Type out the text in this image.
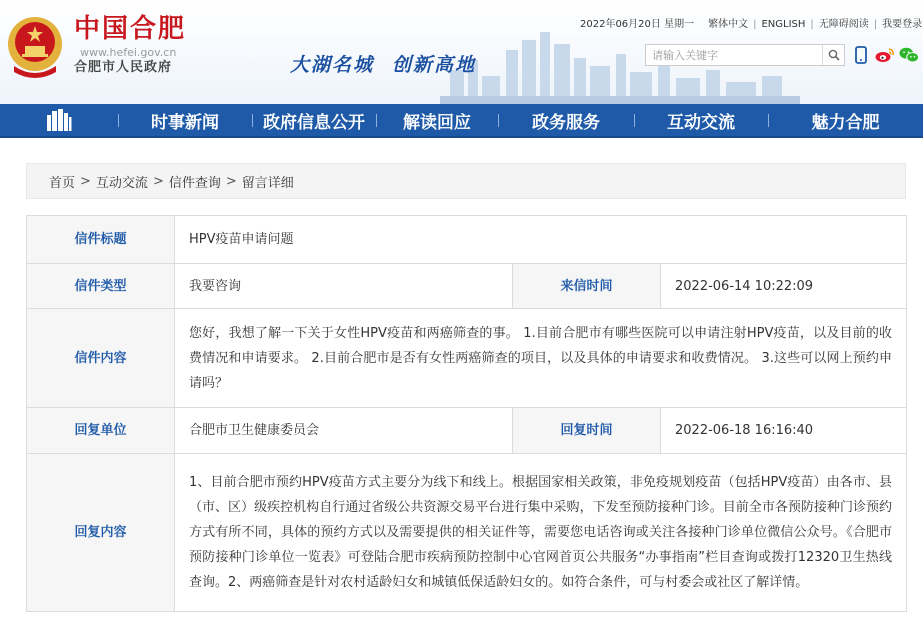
中国合肥
www.hefei.gov.cn
合肥市人民政府	大湖名城 创新高地
2022年06月20日 星期一 繁体中文 | ENGLISH | 无障碍阅读 | 我要登录
请输入关键字
时事新闻	政府信息公开	解读回应	政务服务	互动交流	魅力合肥
首页 > 互动交流 > 信件查询 > 留言详细
信件标题	HPV疫苗申请问题		
信件类型	我要咨询	来信时间	2022-06-14 10:22:09
信件内容	您好，我想了解一下关于女性HPV疫苗和两癌筛查的事。 1.目前合肥市有哪些医院可以申请注射HPV疫苗，以及目前的收费情况和申请要求。 2.目前合肥市是否有女性两癌筛查的项目，以及具体的申请要求和收费情况。 3.这些可以网上预约申请吗？		
回复单位	合肥市卫生健康委员会	回复时间	2022-06-18 16:16:40
回复内容	1、目前合肥市预约HPV疫苗方式主要分为线下和线上。根据国家相关政策，非免疫规划疫苗（包括HPV疫苗）由各市、县（市、区）级疾控机构自行通过省级公共资源交易平台进行集中采购，下发至预防接种门诊。目前全市各预防接种门诊预约方式有所不同，具体的预约方式以及需要提供的相关证件等，需要您电话咨询或关注各接种门诊单位微信公众号。《合肥市预防接种门诊单位一览表》可登陆合肥市疾病预防控制中心官网首页公共服务“办事指南”栏目查询或拨打12320卫生热线查询。2、两癌筛查是针对农村适龄妇女和城镇低保适龄妇女的。如符合条件，可与村委会或社区了解详情。		
